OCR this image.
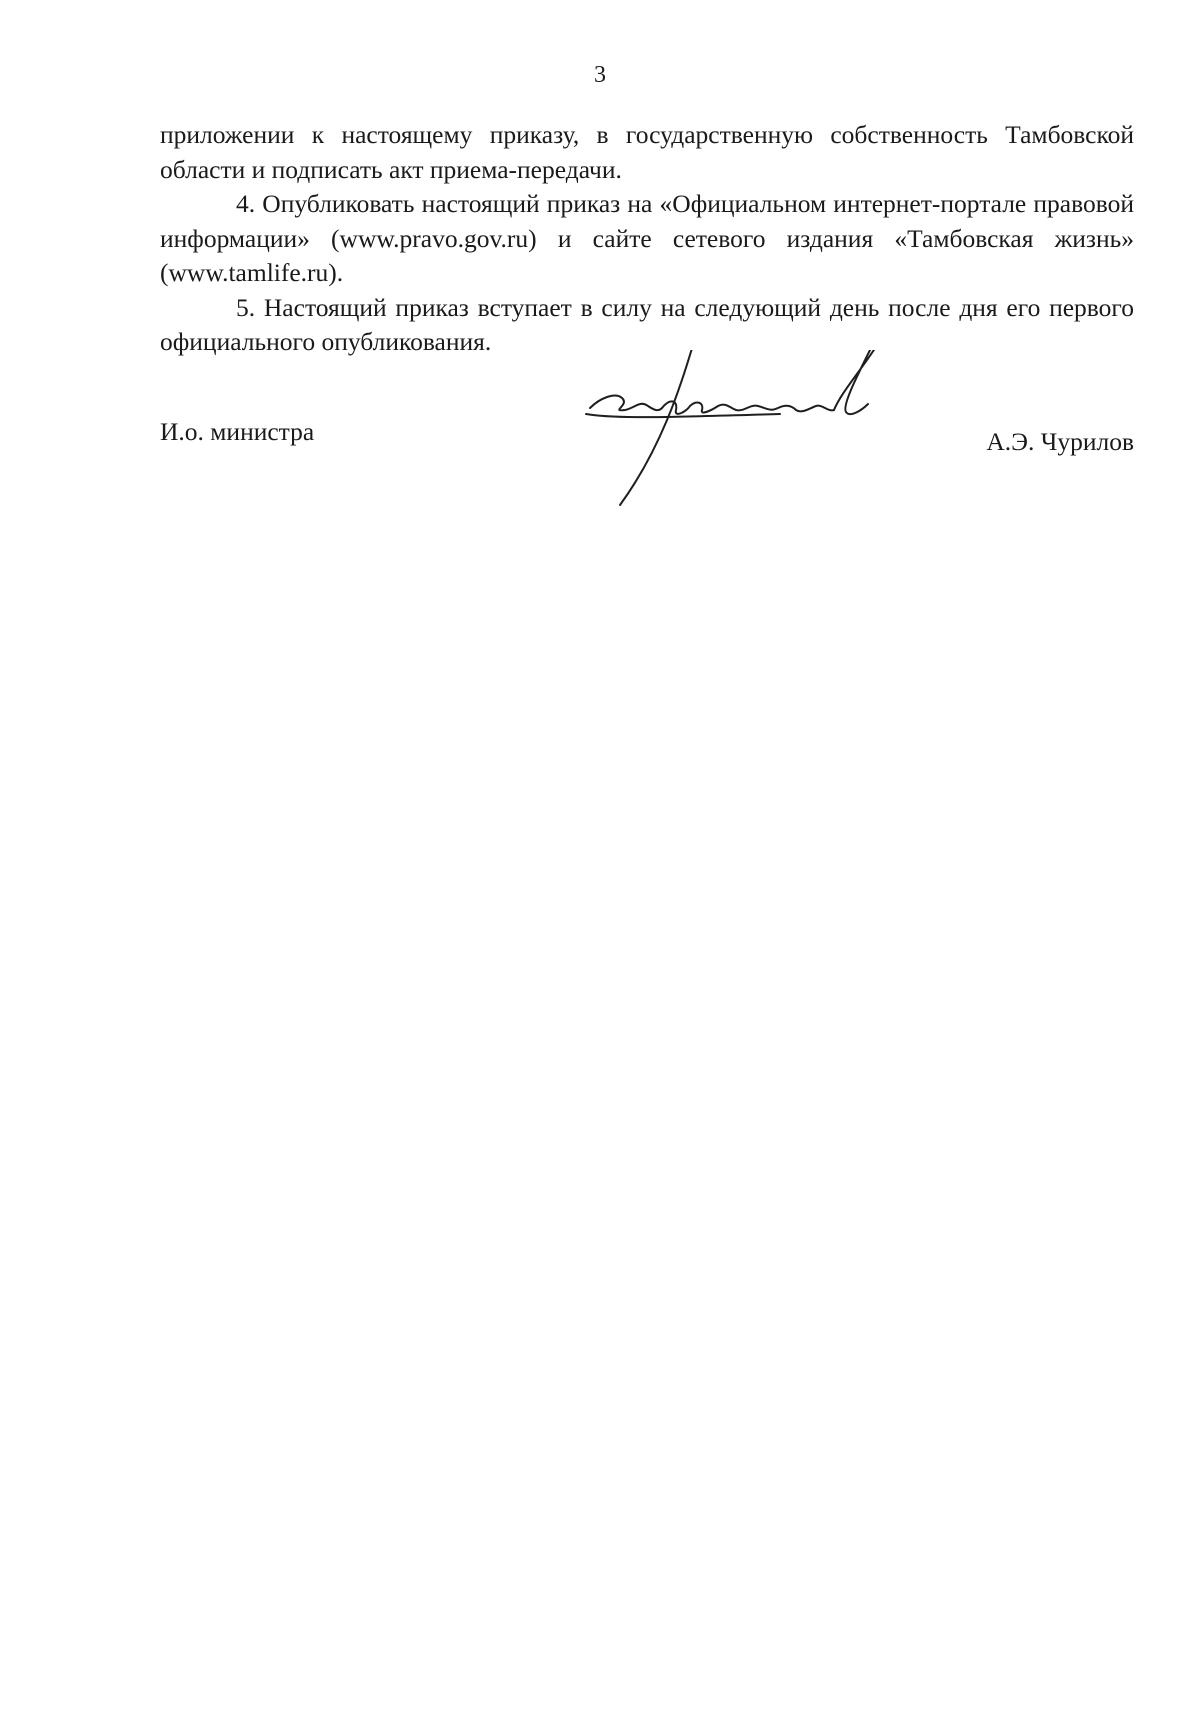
3

приложении к настоящему приказу, в государственную собственность Тамбовской области и подписать акт приема-передачи.

4. Опубликовать настоящий приказ на «Официальном интернет-портале правовой информации» (www.pravo.gov.ru) и сайте сетевого издания «Тамбовская жизнь» (www.tamlife.ru).

5. Настоящий приказ вступает в силу на следующий день после дня его первого официального опубликования.

И.о. министра	А.Э. Чурилов
